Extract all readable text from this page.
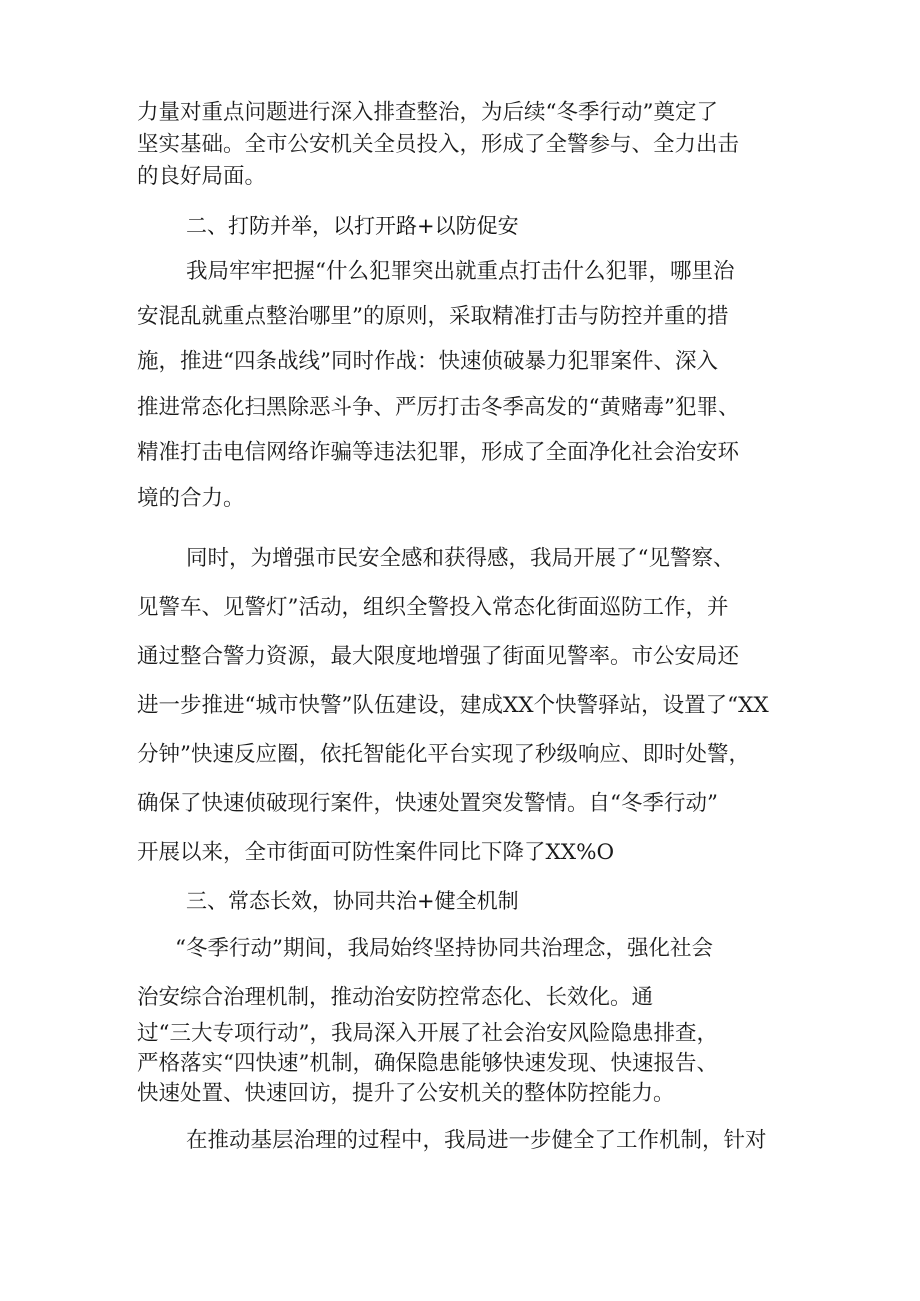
力量对重点问题进行深入排查整治，为后续“冬季行动”奠定了
坚实基础。全市公安机关全员投入，形成了全警参与、全力出击
的良好局面。
二、打防并举，以打开路+以防促安
我局牢牢把握“什么犯罪突出就重点打击什么犯罪，哪里治
安混乱就重点整治哪里”的原则，采取精准打击与防控并重的措
施，推进“四条战线”同时作战：快速侦破暴力犯罪案件、深入
推进常态化扫黑除恶斗争、严厉打击冬季高发的“黄赌毒”犯罪、
精准打击电信网络诈骗等违法犯罪，形成了全面净化社会治安环
境的合力。
同时，为增强市民安全感和获得感，我局开展了“见警察、
见警车、见警灯”活动，组织全警投入常态化街面巡防工作，并
通过整合警力资源，最大限度地增强了街面见警率。市公安局还
进一步推进“城市快警”队伍建设，建成XX个快警驿站，设置了“XX
分钟”快速反应圈，依托智能化平台实现了秒级响应、即时处警，
确保了快速侦破现行案件，快速处置突发警情。自“冬季行动”
开展以来，全市街面可防性案件同比下降了XX%O
三、常态长效，协同共治+健全机制
“冬季行动”期间，我局始终坚持协同共治理念，强化社会
治安综合治理机制，推动治安防控常态化、长效化。通
过“三大专项行动”，我局深入开展了社会治安风险隐患排查，
严格落实“四快速”机制，确保隐患能够快速发现、快速报告、
快速处置、快速回访，提升了公安机关的整体防控能力。
在推动基层治理的过程中，我局进一步健全了工作机制，针对
